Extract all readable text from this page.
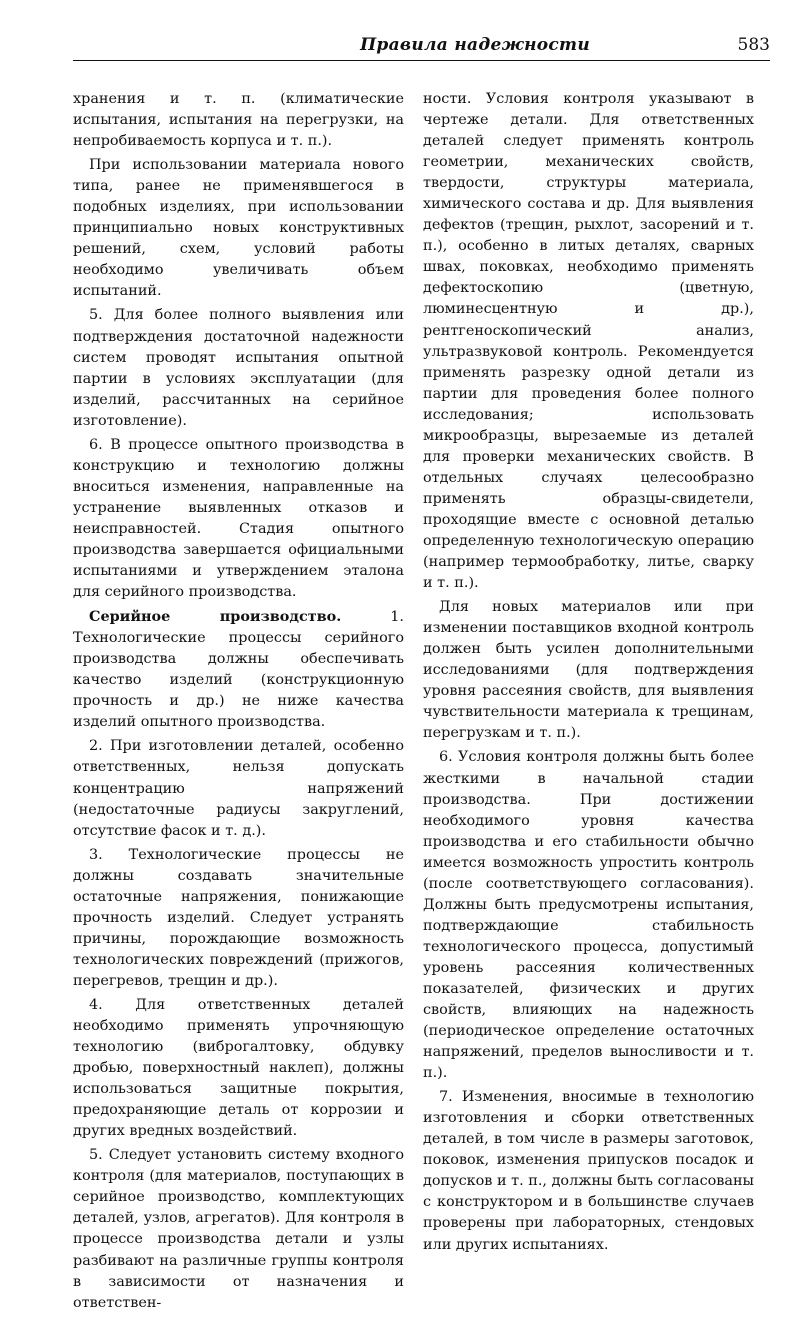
Правила надежности	583

хранения и т. п. (климатические испытания, испытания на перегрузки, на непробиваемость корпуса и т. п.).

При использовании материала нового типа, ранее не применявшегося в подобных изделиях, при использовании принципиально новых конструктивных решений, схем, условий работы необходимо увеличивать объем испытаний.

5. Для более полного выявления или подтверждения достаточной надежности систем проводят испытания опытной партии в условиях эксплуатации (для изделий, рассчитанных на серийное изготовление).

6. В процессе опытного производства в конструкцию и технологию должны вноситься изменения, направленные на устранение выявленных отказов и неисправностей. Стадия опытного производства завершается официальными испытаниями и утверждением эталона для серийного производства.

Серийное производство. 1. Технологические процессы серийного производства должны обеспечивать качество изделий (конструкционную прочность и др.) не ниже качества изделий опытного производства.

2. При изготовлении деталей, особенно ответственных, нельзя допускать концентрацию напряжений (недостаточные радиусы закруглений, отсутствие фасок и т. д.).

3. Технологические процессы не должны создавать значительные остаточные напряжения, понижающие прочность изделий. Следует устранять причины, порождающие возможность технологических повреждений (прижогов, перегревов, трещин и др.).

4. Для ответственных деталей необходимо применять упрочняющую технологию (виброгалтовку, обдувку дробью, поверхностный наклеп), должны использоваться защитные покрытия, предохраняющие деталь от коррозии и других вредных воздействий.

5. Следует установить систему входного контроля (для материалов, поступающих в серийное производство, комплектующих деталей, узлов, агрегатов). Для контроля в процессе производства детали и узлы разбивают на различные группы контроля в зависимости от назначения и ответствен-

ности. Условия контроля указывают в чертеже детали. Для ответственных деталей следует применять контроль геометрии, механических свойств, твердости, структуры материала, химического состава и др. Для выявления дефектов (трещин, рыхлот, засорений и т. п.), особенно в литых деталях, сварных швах, поковках, необходимо применять дефектоскопию (цветную, люминесцентную и др.), рентгеноскопический анализ, ультразвуковой контроль. Рекомендуется применять разрезку одной детали из партии для проведения более полного исследования; использовать микрообразцы, вырезаемые из деталей для проверки механических свойств. В отдельных случаях целесообразно применять образцы-свидетели, проходящие вместе с основной деталью определенную технологическую операцию (например термообработку, литье, сварку и т. п.).

Для новых материалов или при изменении поставщиков входной контроль должен быть усилен дополнительными исследованиями (для подтверждения уровня рассеяния свойств, для выявления чувствительности материала к трещинам, перегрузкам и т. п.).

6. Условия контроля должны быть более жесткими в начальной стадии производства. При достижении необходимого уровня качества производства и его стабильности обычно имеется возможность упростить контроль (после соответствующего согласования). Должны быть предусмотрены испытания, подтверждающие стабильность технологического процесса, допустимый уровень рассеяния количественных показателей, физических и других свойств, влияющих на надежность (периодическое определение остаточных напряжений, пределов выносливости и т. п.).

7. Изменения, вносимые в технологию изготовления и сборки ответственных деталей, в том числе в размеры заготовок, поковок, изменения припусков посадок и допусков и т. п., должны быть согласованы с конструктором и в большинстве случаев проверены при лабораторных, стендовых или других испытаниях.
